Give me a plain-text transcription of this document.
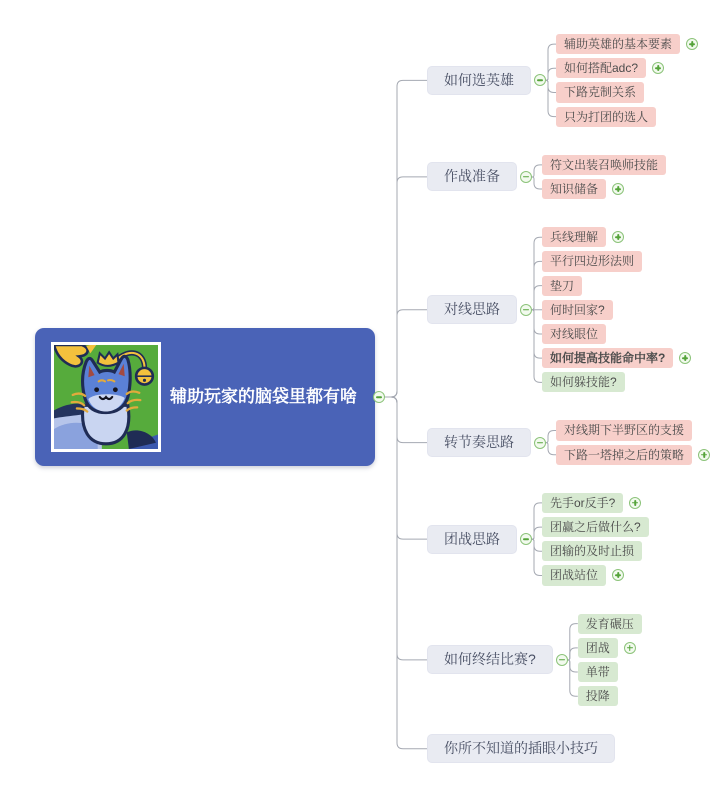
辅助玩家的脑袋里都有啥
如何选英雄
辅助英雄的基本要素
如何搭配adc?
下路克制关系
只为打团的选人
作战准备
符文出装召唤师技能
知识储备
对线思路
兵线理解
平行四边形法则
垫刀
何时回家?
对线眼位
如何提高技能命中率?
如何躲技能?
转节奏思路
对线期下半野区的支援
下路一塔掉之后的策略
团战思路
先手or反手?
团赢之后做什么?
团输的及时止损
团战站位
如何终结比赛?
发育碾压
团战
单带
投降
你所不知道的插眼小技巧
